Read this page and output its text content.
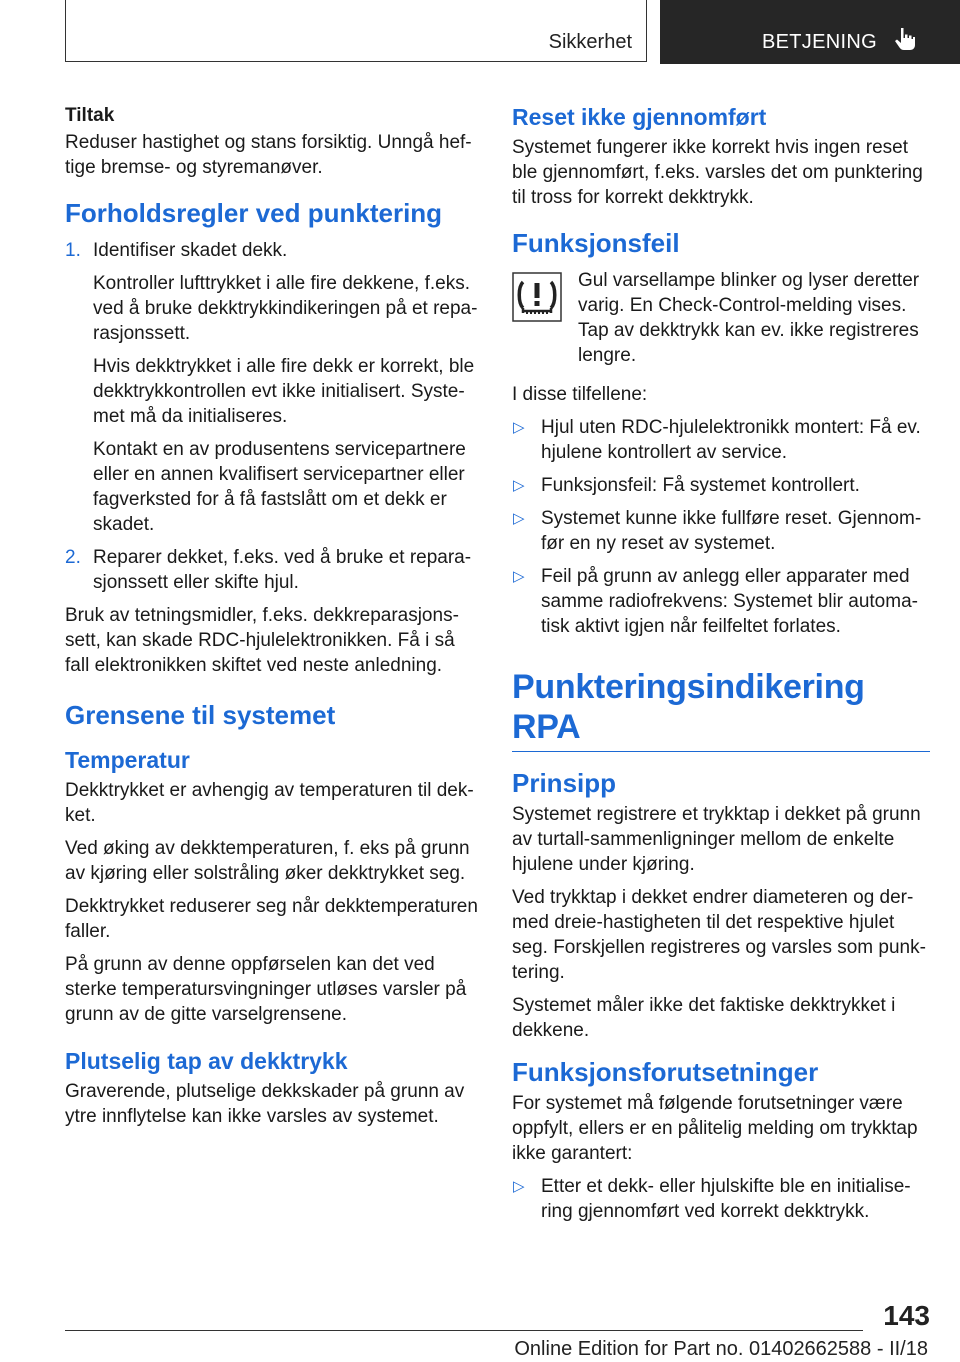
Sikkerhet	BETJENING
Tiltak

Reduser hastighet og stans forsiktig. Unngå heftige bremse- og styremanøver.

Forholdsregler ved punktering
1. Identifiser skadet dekk.
Kontroller lufttrykket i alle fire dekkene, f.eks. ved å bruke dekktrykkindikeringen på et reparasjonssett.
Hvis dekktrykket i alle fire dekk er korrekt, ble dekktrykkontrollen evt ikke initialisert. Systemet må da initialiseres.
Kontakt en av produsentens servicepartnere eller en annen kvalifisert servicepartner eller fagverksted for å få fastslått om et dekk er skadet.
2. Reparer dekket, f.eks. ved å bruke et reparasjonssett eller skifte hjul.

Bruk av tetningsmidler, f.eks. dekkreparasjonssett, kan skade RDC-hjulelektronikken. Få i så fall elektronikken skiftet ved neste anledning.

Grensene til systemet
Temperatur

Dekktrykket er avhengig av temperaturen til dekket.

Ved øking av dekktemperaturen, f. eks på grunn av kjøring eller solstråling øker dekktrykket seg.

Dekktrykket reduserer seg når dekktemperaturen faller.

På grunn av denne oppførselen kan det ved sterke temperatursvingninger utløses varsler på grunn av de gitte varselgrensene.

Plutselig tap av dekktrykk

Graverende, plutselige dekkskader på grunn av ytre innflytelse kan ikke varsles av systemet.

Reset ikke gjennomført

Systemet fungerer ikke korrekt hvis ingen reset ble gjennomført, f.eks. varsles det om punktering til tross for korrekt dekktrykk.

Funksjonsfeil

Gul varsellampe blinker og lyser deretter varig. En Check-Control-melding vises. Tap av dekktrykk kan ev. ikke registreres

lengre.

I disse tilfellene:

▷ Hjul uten RDC-hjulelektronikk montert: Få ev. hjulene kontrollert av service.
▷ Funksjonsfeil: Få systemet kontrollert.
▷ Systemet kunne ikke fullføre reset. Gjennomfør en ny reset av systemet.
▷ Feil på grunn av anlegg eller apparater med samme radiofrekvens: Systemet blir automatisk aktivt igjen når feilfeltet forlates.
Punkteringsindikering RPA
Prinsipp

Systemet registrere et trykktap i dekket på grunn av turtall-sammenligninger mellom de enkelte hjulene under kjøring.

Ved trykktap i dekket endrer diameteren og dermed dreie-hastigheten til det respektive hjulet seg. Forskjellen registreres og varsles som punktering.

Systemet måler ikke det faktiske dekktrykket i dekkene.

Funksjonsforutsetninger

For systemet må følgende forutsetninger være oppfylt, ellers er en pålitelig melding om trykktap ikke garantert:

▷ Etter et dekk- eller hjulskifte ble en initialisering gjennomført ved korrekt dekktrykk.
143
Online Edition for Part no. 01402662588 - II/18
